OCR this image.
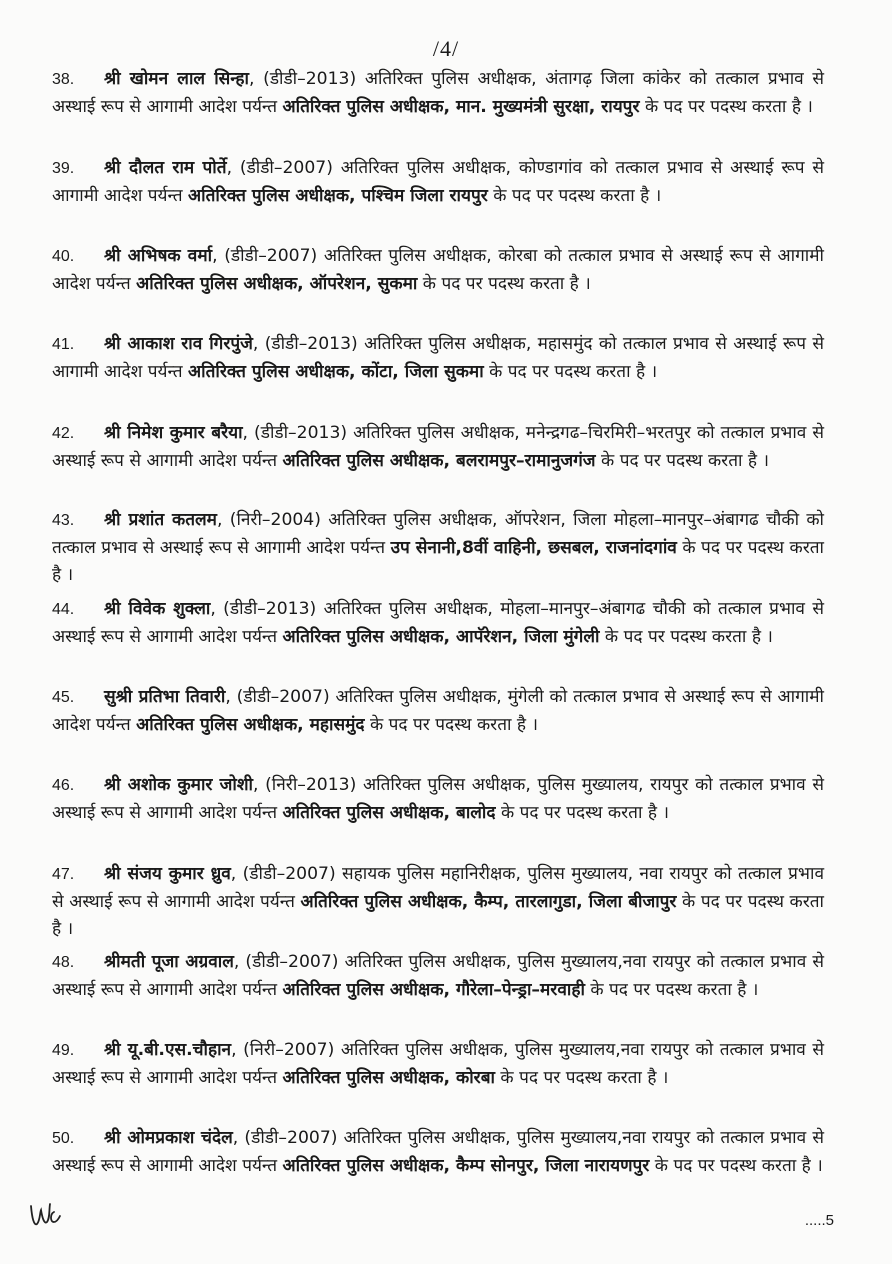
/4/
38. श्री खोमन लाल सिन्हा, (डीडी–2013) अतिरिक्त पुलिस अधीक्षक, अंतागढ़ जिला कांकेर को तत्काल प्रभाव से अस्थाई रूप से आगामी आदेश पर्यन्त अतिरिक्त पुलिस अधीक्षक, मान. मुख्यमंत्री सुरक्षा, रायपुर के पद पर पदस्थ करता है ।
39. श्री दौलत राम पोर्ते, (डीडी–2007) अतिरिक्त पुलिस अधीक्षक, कोण्डागांव को तत्काल प्रभाव से अस्थाई रूप से आगामी आदेश पर्यन्त अतिरिक्त पुलिस अधीक्षक, पश्चिम जिला रायपुर के पद पर पदस्थ करता है ।
40. श्री अभिषक वर्मा, (डीडी–2007) अतिरिक्त पुलिस अधीक्षक, कोरबा को तत्काल प्रभाव से अस्थाई रूप से आगामी आदेश पर्यन्त अतिरिक्त पुलिस अधीक्षक, ऑपरेशन, सुकमा के पद पर पदस्थ करता है ।
41. श्री आकाश राव गिरपुंजे, (डीडी–2013) अतिरिक्त पुलिस अधीक्षक, महासमुंद को तत्काल प्रभाव से अस्थाई रूप से आगामी आदेश पर्यन्त अतिरिक्त पुलिस अधीक्षक, कोंटा, जिला सुकमा के पद पर पदस्थ करता है ।
42. श्री निमेश कुमार बरैया, (डीडी–2013) अतिरिक्त पुलिस अधीक्षक, मनेन्द्रगढ–चिरमिरी–भरतपुर को तत्काल प्रभाव से अस्थाई रूप से आगामी आदेश पर्यन्त अतिरिक्त पुलिस अधीक्षक, बलरामपुर–रामानुजगंज के पद पर पदस्थ करता है ।
43. श्री प्रशांत कतलम, (निरी–2004) अतिरिक्त पुलिस अधीक्षक, ऑपरेशन, जिला मोहला–मानपुर–अंबागढ चौकी को तत्काल प्रभाव से अस्थाई रूप से आगामी आदेश पर्यन्त उप सेनानी,8वीं वाहिनी, छसबल, राजनांदगांव के पद पर पदस्थ करता है ।
44. श्री विवेक शुक्ला, (डीडी–2013) अतिरिक्त पुलिस अधीक्षक, मोहला–मानपुर–अंबागढ चौकी को तत्काल प्रभाव से अस्थाई रूप से आगामी आदेश पर्यन्त अतिरिक्त पुलिस अधीक्षक, आपॅरेशन, जिला मुंगेली के पद पर पदस्थ करता है ।
45. सुश्री प्रतिभा तिवारी, (डीडी–2007) अतिरिक्त पुलिस अधीक्षक, मुंगेली को तत्काल प्रभाव से अस्थाई रूप से आगामी आदेश पर्यन्त अतिरिक्त पुलिस अधीक्षक, महासमुंद के पद पर पदस्थ करता है ।
46. श्री अशोक कुमार जोशी, (निरी–2013) अतिरिक्त पुलिस अधीक्षक, पुलिस मुख्यालय, रायपुर को तत्काल प्रभाव से अस्थाई रूप से आगामी आदेश पर्यन्त अतिरिक्त पुलिस अधीक्षक, बालोद के पद पर पदस्थ करता है ।
47. श्री संजय कुमार ध्रुव, (डीडी–2007) सहायक पुलिस महानिरीक्षक, पुलिस मुख्यालय, नवा रायपुर को तत्काल प्रभाव से अस्थाई रूप से आगामी आदेश पर्यन्त अतिरिक्त पुलिस अधीक्षक, कैम्प, तारलागुडा, जिला बीजापुर के पद पर पदस्थ करता है ।
48. श्रीमती पूजा अग्रवाल, (डीडी–2007) अतिरिक्त पुलिस अधीक्षक, पुलिस मुख्यालय,नवा रायपुर को तत्काल प्रभाव से अस्थाई रूप से आगामी आदेश पर्यन्त अतिरिक्त पुलिस अधीक्षक, गौरेला–पेन्ड्रा–मरवाही के पद पर पदस्थ करता है ।
49. श्री यू.बी.एस.चौहान, (निरी–2007) अतिरिक्त पुलिस अधीक्षक, पुलिस मुख्यालय,नवा रायपुर को तत्काल प्रभाव से अस्थाई रूप से आगामी आदेश पर्यन्त अतिरिक्त पुलिस अधीक्षक, कोरबा के पद पर पदस्थ करता है ।
50. श्री ओमप्रकाश चंदेल, (डीडी–2007) अतिरिक्त पुलिस अधीक्षक, पुलिस मुख्यालय,नवा रायपुर को तत्काल प्रभाव से अस्थाई रूप से आगामी आदेश पर्यन्त अतिरिक्त पुलिस अधीक्षक, कैम्प सोनपुर, जिला नारायणपुर के पद पर पदस्थ करता है ।
.....5
